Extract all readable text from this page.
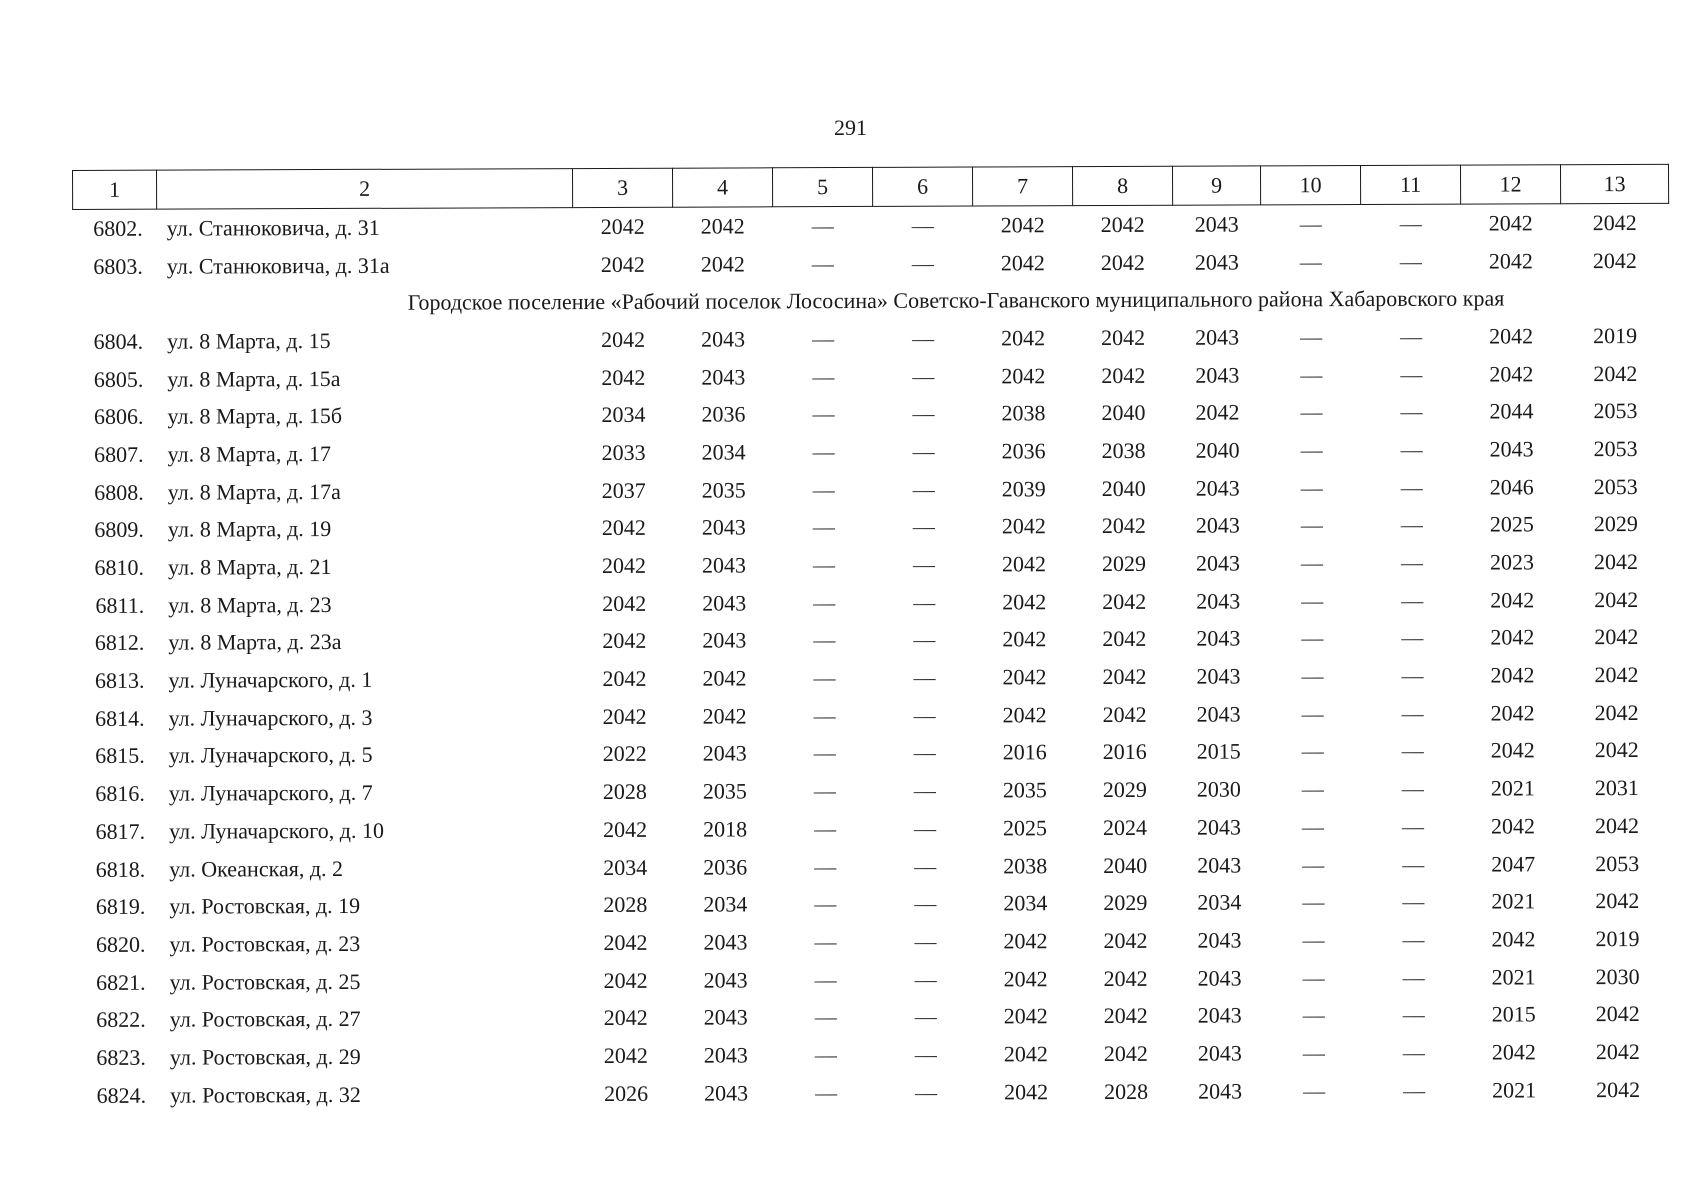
291
1	2	3	4	5	6	7	8	9	10	11	12	13
6802.	ул. Станюковича, д. 31	2042	2042	—	—	2042	2042	2043	—	—	2042	2042
6803.	ул. Станюковича, д. 31а	2042	2042	—	—	2042	2042	2043	—	—	2042	2042
Городское поселение «Рабочий поселок Лососина» Советско-Гаванского муниципального района Хабаровского края												
6804.	ул. 8 Марта, д. 15	2042	2043	—	—	2042	2042	2043	—	—	2042	2019
6805.	ул. 8 Марта, д. 15а	2042	2043	—	—	2042	2042	2043	—	—	2042	2042
6806.	ул. 8 Марта, д. 15б	2034	2036	—	—	2038	2040	2042	—	—	2044	2053
6807.	ул. 8 Марта, д. 17	2033	2034	—	—	2036	2038	2040	—	—	2043	2053
6808.	ул. 8 Марта, д. 17а	2037	2035	—	—	2039	2040	2043	—	—	2046	2053
6809.	ул. 8 Марта, д. 19	2042	2043	—	—	2042	2042	2043	—	—	2025	2029
6810.	ул. 8 Марта, д. 21	2042	2043	—	—	2042	2029	2043	—	—	2023	2042
6811.	ул. 8 Марта, д. 23	2042	2043	—	—	2042	2042	2043	—	—	2042	2042
6812.	ул. 8 Марта, д. 23а	2042	2043	—	—	2042	2042	2043	—	—	2042	2042
6813.	ул. Луначарского, д. 1	2042	2042	—	—	2042	2042	2043	—	—	2042	2042
6814.	ул. Луначарского, д. 3	2042	2042	—	—	2042	2042	2043	—	—	2042	2042
6815.	ул. Луначарского, д. 5	2022	2043	—	—	2016	2016	2015	—	—	2042	2042
6816.	ул. Луначарского, д. 7	2028	2035	—	—	2035	2029	2030	—	—	2021	2031
6817.	ул. Луначарского, д. 10	2042	2018	—	—	2025	2024	2043	—	—	2042	2042
6818.	ул. Океанская, д. 2	2034	2036	—	—	2038	2040	2043	—	—	2047	2053
6819.	ул. Ростовская, д. 19	2028	2034	—	—	2034	2029	2034	—	—	2021	2042
6820.	ул. Ростовская, д. 23	2042	2043	—	—	2042	2042	2043	—	—	2042	2019
6821.	ул. Ростовская, д. 25	2042	2043	—	—	2042	2042	2043	—	—	2021	2030
6822.	ул. Ростовская, д. 27	2042	2043	—	—	2042	2042	2043	—	—	2015	2042
6823.	ул. Ростовская, д. 29	2042	2043	—	—	2042	2042	2043	—	—	2042	2042
6824.	ул. Ростовская, д. 32	2026	2043	—	—	2042	2028	2043	—	—	2021	2042
